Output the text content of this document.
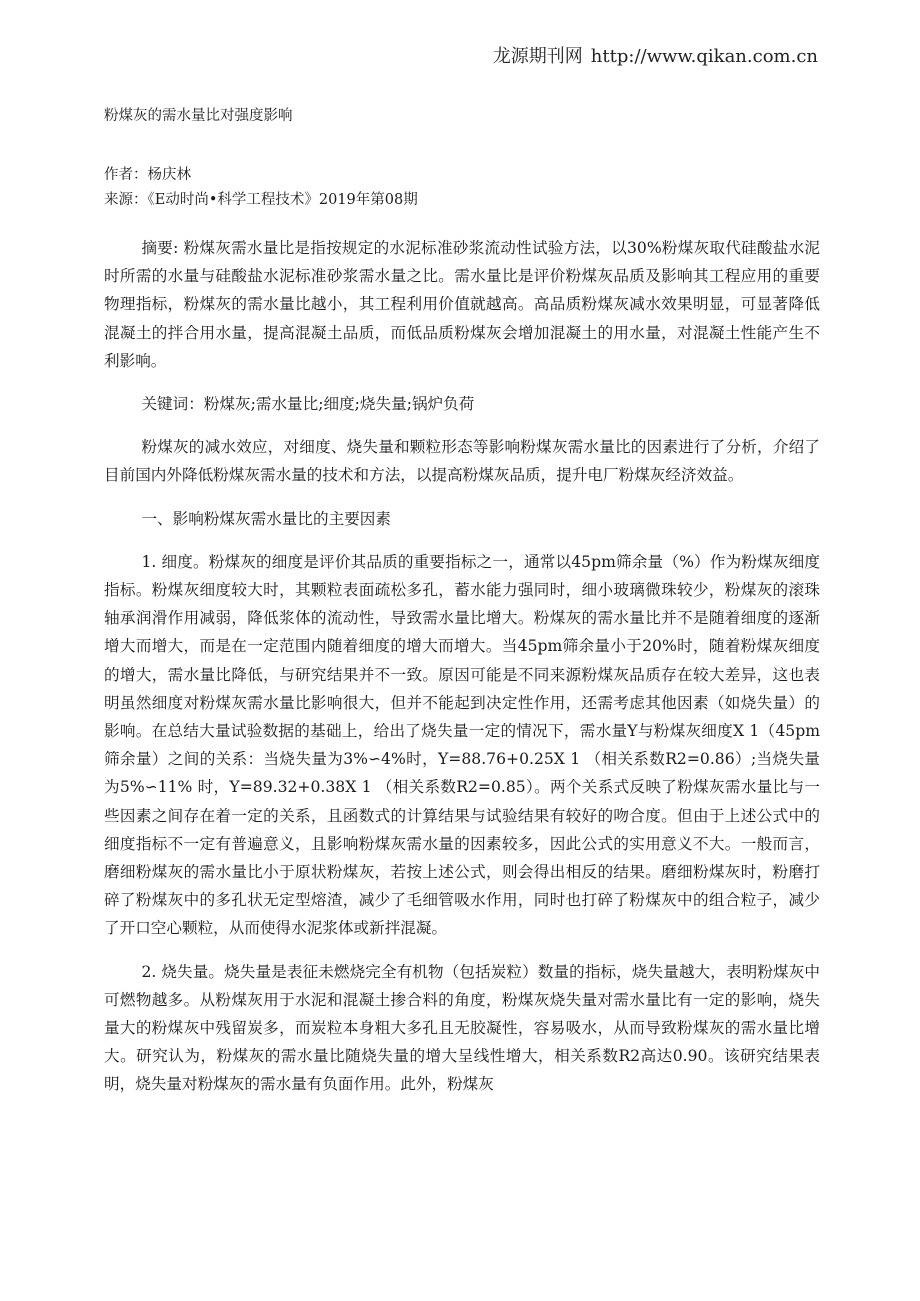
龙源期刊网 http://www.qikan.com.cn
粉煤灰的需水量比对强度影响
作者：杨庆林
来源：《E动时尚•科学工程技术》2019年第08期

摘要: 粉煤灰需水量比是指按规定的水泥标准砂浆流动性试验方法，以30%粉煤灰取代硅酸盐水泥时所需的水量与硅酸盐水泥标准砂浆需水量之比。需水量比是评价粉煤灰品质及影响其工程应用的重要物理指标，粉煤灰的需水量比越小，其工程利用价值就越高。高品质粉煤灰减水效果明显，可显著降低混凝土的拌合用水量，提高混凝土品质，而低品质粉煤灰会增加混凝土的用水量，对混凝土性能产生不利影响。

关键词：粉煤灰;需水量比;细度;烧失量;锅炉负荷

粉煤灰的减水效应，对细度、烧失量和颗粒形态等影响粉煤灰需水量比的因素进行了分析，介绍了目前国内外降低粉煤灰需水量的技术和方法，以提高粉煤灰品质，提升电厂粉煤灰经济效益。

一、影响粉煤灰需水量比的主要因素

1. 细度。粉煤灰的细度是评价其品质的重要指标之一，通常以45pm筛余量（%）作为粉煤灰细度指标。粉煤灰细度较大时，其颗粒表面疏松多孔，蓄水能力强同时，细小玻璃微珠较少，粉煤灰的滚珠轴承润滑作用减弱，降低浆体的流动性，导致需水量比增大。粉煤灰的需水量比并不是随着细度的逐渐增大而增大，而是在一定范围内随着细度的增大而增大。当45pm筛余量小于20%时，随着粉煤灰细度的增大，需水量比降低，与研究结果并不一致。原因可能是不同来源粉煤灰品质存在较大差异，这也表明虽然细度对粉煤灰需水量比影响很大，但并不能起到决定性作用，还需考虑其他因素（如烧失量）的影响。在总结大量试验数据的基础上，给出了烧失量一定的情况下，需水量Y与粉煤灰细度X 1（45pm筛余量）之间的关系：当烧失量为3%∽4%时，Y=88.76+0.25X 1 （相关系数R2=0.86）;当烧失量为5%∽11% 时，Y=89.32+0.38X 1 （相关系数R2=0.85）。两个关系式反映了粉煤灰需水量比与一些因素之间存在着一定的关系，且函数式的计算结果与试验结果有较好的吻合度。但由于上述公式中的细度指标不一定有普遍意义，且影响粉煤灰需水量的因素较多，因此公式的实用意义不大。一般而言，磨细粉煤灰的需水量比小于原状粉煤灰，若按上述公式，则会得出相反的结果。磨细粉煤灰时，粉磨打碎了粉煤灰中的多孔状无定型熔渣，减少了毛细管吸水作用，同时也打碎了粉煤灰中的组合粒子，减少了开口空心颗粒，从而使得水泥浆体或新拌混凝。

2. 烧失量。烧失量是表征未燃烧完全有机物（包括炭粒）数量的指标，烧失量越大，表明粉煤灰中可燃物越多。从粉煤灰用于水泥和混凝土掺合料的角度，粉煤灰烧失量对需水量比有一定的影响，烧失量大的粉煤灰中残留炭多，而炭粒本身粗大多孔且无胶凝性，容易吸水，从而导致粉煤灰的需水量比增大。研究认为，粉煤灰的需水量比随烧失量的增大呈线性增大，相关系数R2高达0.90。该研究结果表明，烧失量对粉煤灰的需水量有负面作用。此外，粉煤灰
